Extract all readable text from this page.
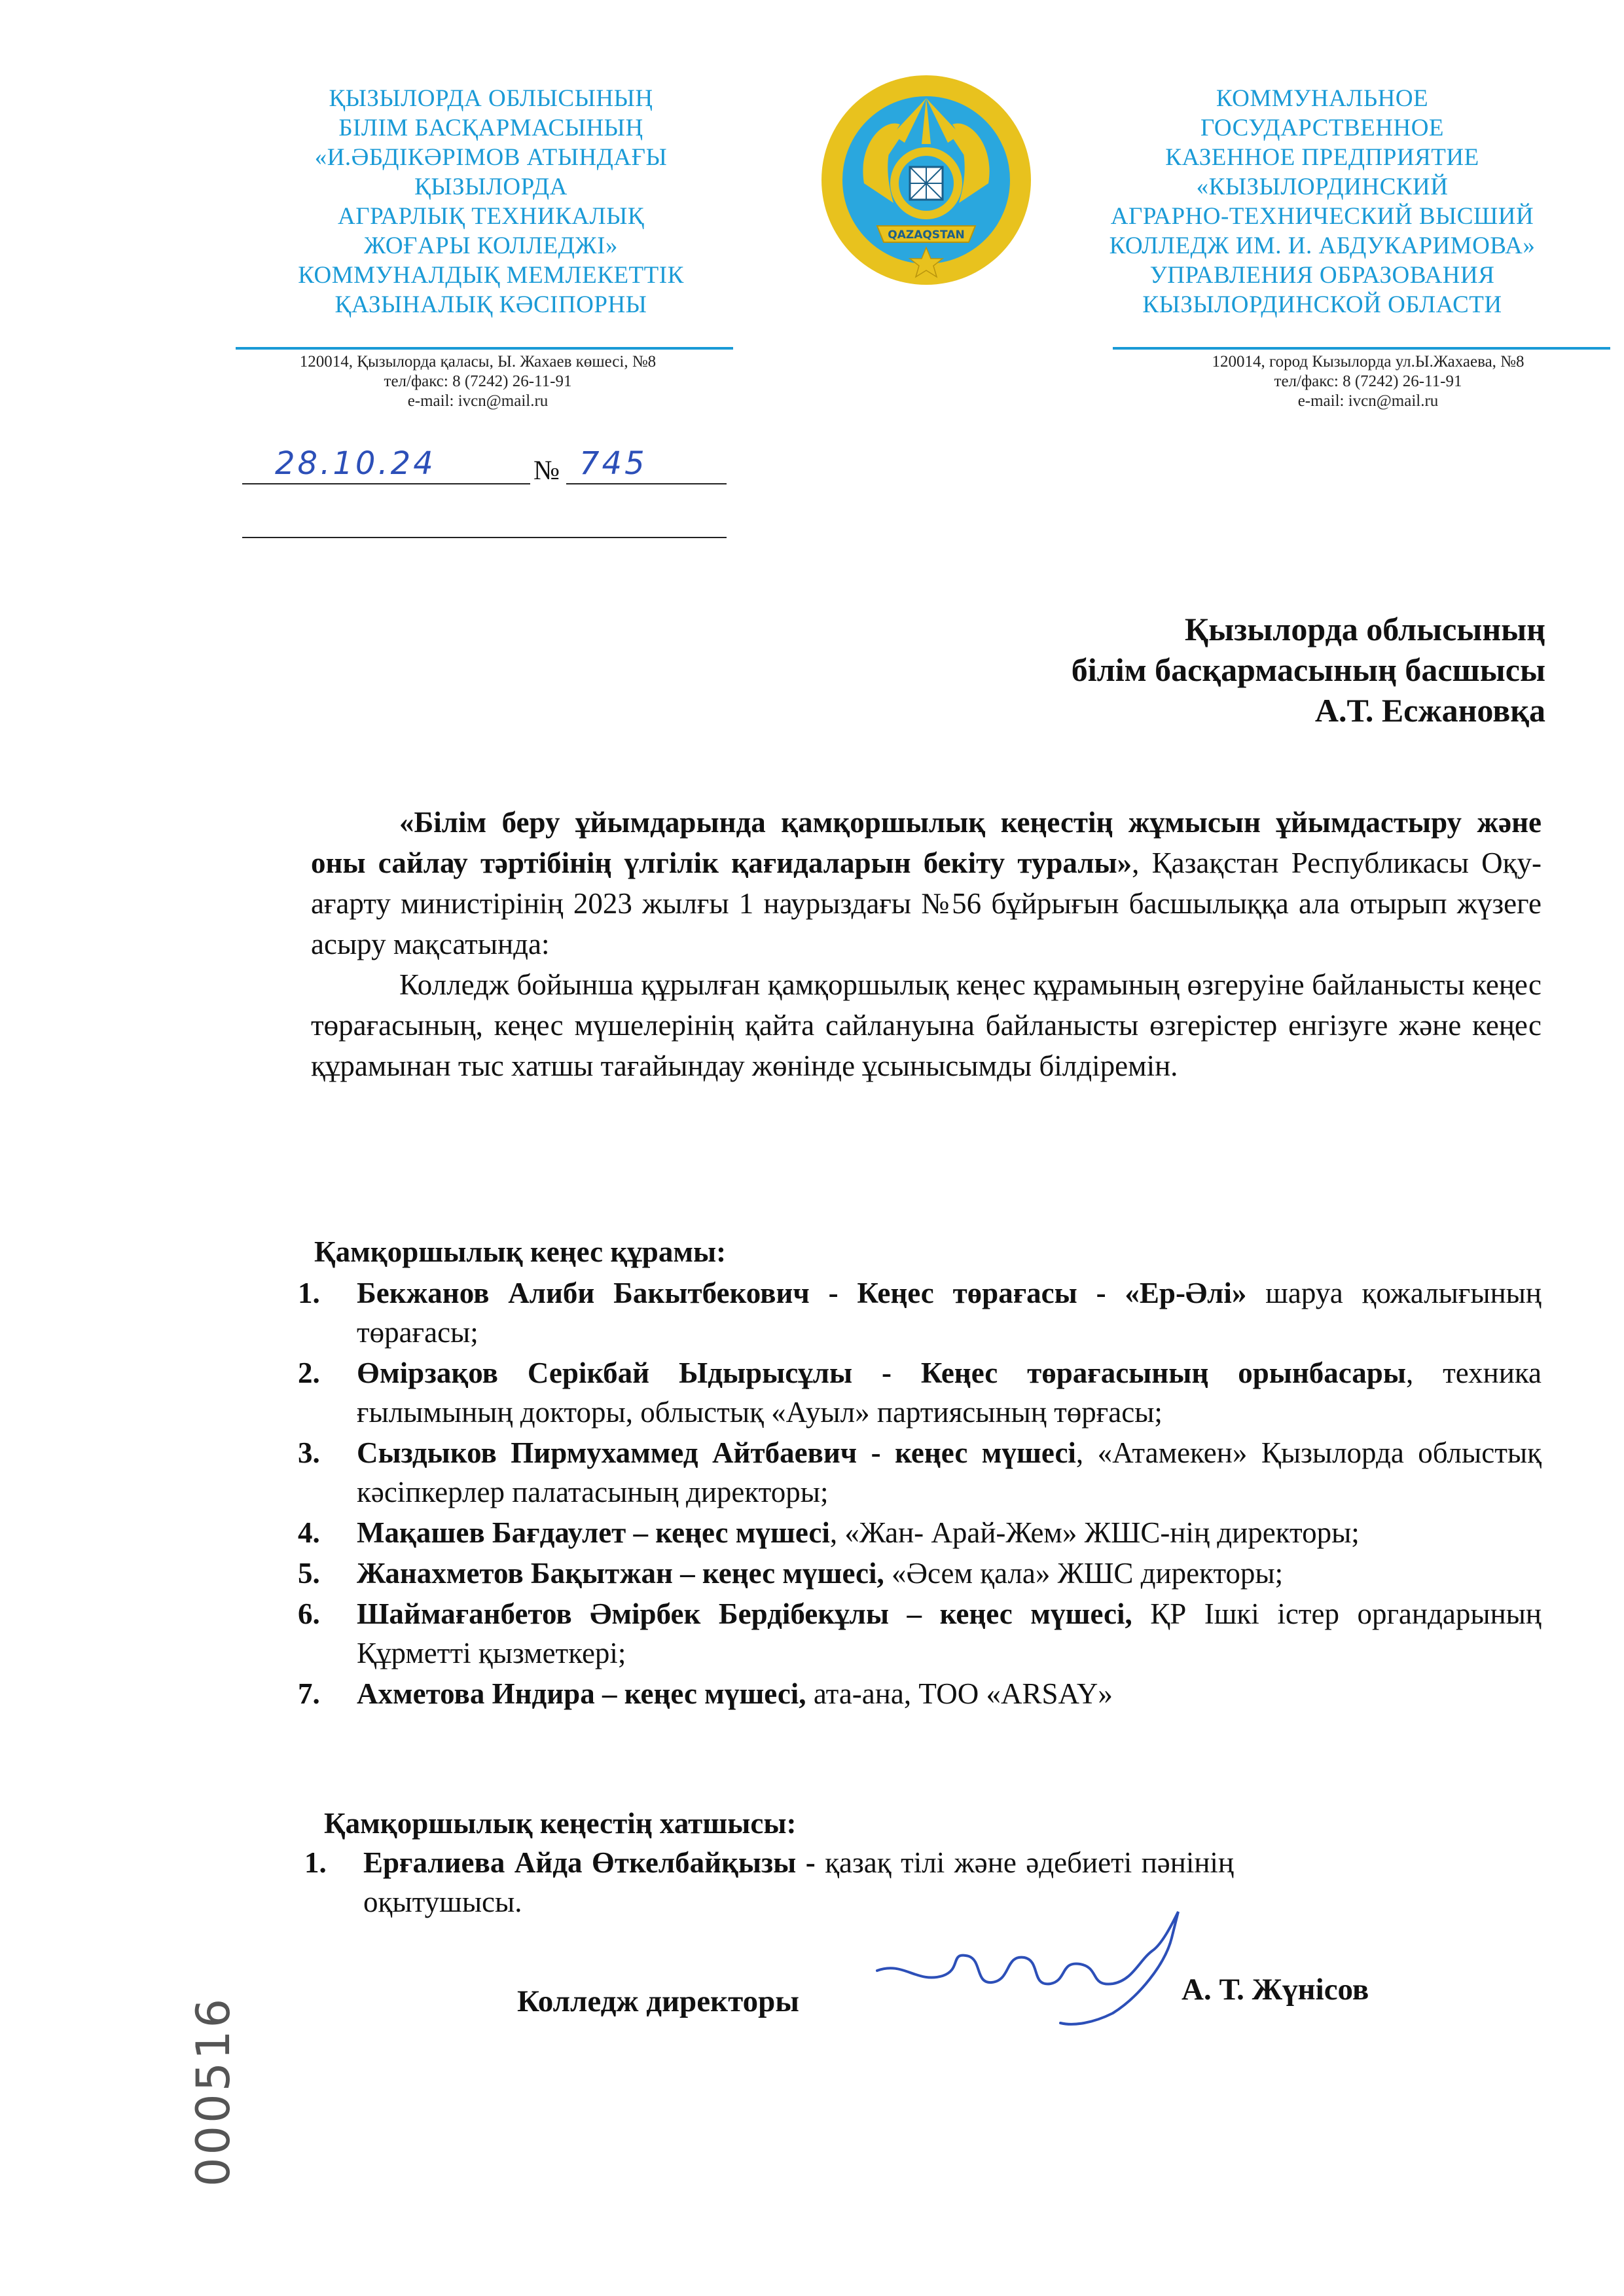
ҚЫЗЫЛОРДА ОБЛЫСЫНЫҢ
БІЛІМ БАСҚАРМАСЫНЫҢ
«И.ӘБДІКӘРІМОВ АТЫНДАҒЫ
ҚЫЗЫЛОРДА
АГРАРЛЫҚ ТЕХНИКАЛЫҚ
ЖОҒАРЫ КОЛЛЕДЖІ»
КОММУНАЛДЫҚ МЕМЛЕКЕТТІК
ҚАЗЫНАЛЫҚ КӘСІПОРНЫ
QAZAQSTAN
КОММУНАЛЬНОЕ
ГОСУДАРСТВЕННОЕ
КАЗЕННОЕ ПРЕДПРИЯТИЕ
«КЫЗЫЛОРДИНСКИЙ
АГРАРНО-ТЕХНИЧЕСКИЙ ВЫСШИЙ
КОЛЛЕДЖ ИМ. И. АБДУКАРИМОВА»
УПРАВЛЕНИЯ ОБРАЗОВАНИЯ
КЫЗЫЛОРДИНСКОЙ ОБЛАСТИ
120014, Қызылорда қаласы, Ы. Жахаев көшесі, №8
тел/факс: 8 (7242) 26-11-91
e-mail: ivcn@mail.ru
120014, город Кызылорда ул.Ы.Жахаева, №8
тел/факс: 8 (7242) 26-11-91
e-mail: ivcn@mail.ru
28.10.24	№ 745
Қызылорда облысының
білім басқармасының басшысы
А.Т. Есжановқа

«Білім беру ұйымдарында қамқоршылық кеңестің жұмысын ұйымдастыру және оны сайлау тәртібінің үлгілік қағидаларын бекіту туралы», Қазақстан Республикасы Оқу-ағарту министірінің 2023 жылғы 1 наурыздағы №56 бұйрығын басшылыққа ала отырып жүзеге асыру мақсатында:

Колледж бойынша құрылған қамқоршылық кеңес құрамының өзгеруіне байланысты кеңес төрағасының, кеңес мүшелерінің қайта сайлануына байланысты өзгерістер енгізуге және кеңес құрамынан тыс хатшы тағайындау жөнінде ұсынысымды білдіремін.

Қамқоршылық кеңес құрамы:
1. Бекжанов Алиби Бакытбекович - Кеңес төрағасы - «Ер-Әлі» шаруа қожалығының төрағасы;
2. Өмірзақов Серікбай Ыдырысұлы - Кеңес төрағасының орынбасары, техника ғылымының докторы, облыстық «Ауыл» партиясының төрғасы;
3. Сыздыков Пирмухаммед Айтбаевич - кеңес мүшесі, «Атамекен» Қызылорда облыстық кәсіпкерлер палатасының директоры;
4. Мақашев Бағдаулет – кеңес мүшесі, «Жан- Арай-Жем» ЖШС-нің директоры;
5. Жанахметов Бақытжан – кеңес мүшесі, «Әсем қала» ЖШС директоры;
6. Шаймағанбетов Әмірбек Бердібекұлы – кеңес мүшесі, ҚР Ішкі істер органдарының Құрметті қызметкері;
7. Ахметова Индира – кеңес мүшесі, ата-ана, ТОО «ARSAY»
Қамқоршылық кеңестің хатшысы:
1. Ерғалиева Айда Өткелбайқызы - қазақ тілі және әдебиеті пәнінің оқытушысы.
Колледж директоры	А. Т. Жүнісов
000516
